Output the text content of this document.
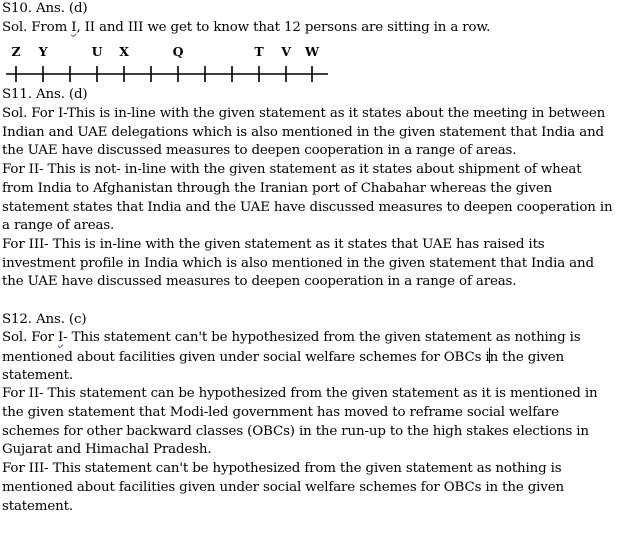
S10. Ans. (d)
Sol. From I, II and III we get to know that 12 persons are sitting in a row.
Z Y	U X	Q	T V W
S11. Ans. (d)
Sol. For I-This is in-line with the given statement as it states about the meeting in between
Indian and UAE delegations which is also mentioned in the given statement that India and
the UAE have discussed measures to deepen cooperation in a range of areas.
For II- This is not- in-line with the given statement as it states about shipment of wheat
from India to Afghanistan through the Iranian port of Chabahar whereas the given
statement states that India and the UAE have discussed measures to deepen cooperation in
a range of areas.
For III- This is in-line with the given statement as it states that UAE has raised its
investment profile in India which is also mentioned in the given statement that India and
the UAE have discussed measures to deepen cooperation in a range of areas.
S12. Ans. (c)
Sol. For I- This statement can't be hypothesized from the given statement as nothing is
mentioned about facilities given under social welfare schemes for OBCs in the given
statement.
For II- This statement can be hypothesized from the given statement as it is mentioned in
the given statement that Modi-led government has moved to reframe social welfare
schemes for other backward classes (OBCs) in the run-up to the high stakes elections in
Gujarat and Himachal Pradesh.
For III- This statement can't be hypothesized from the given statement as nothing is
mentioned about facilities given under social welfare schemes for OBCs in the given
statement.
